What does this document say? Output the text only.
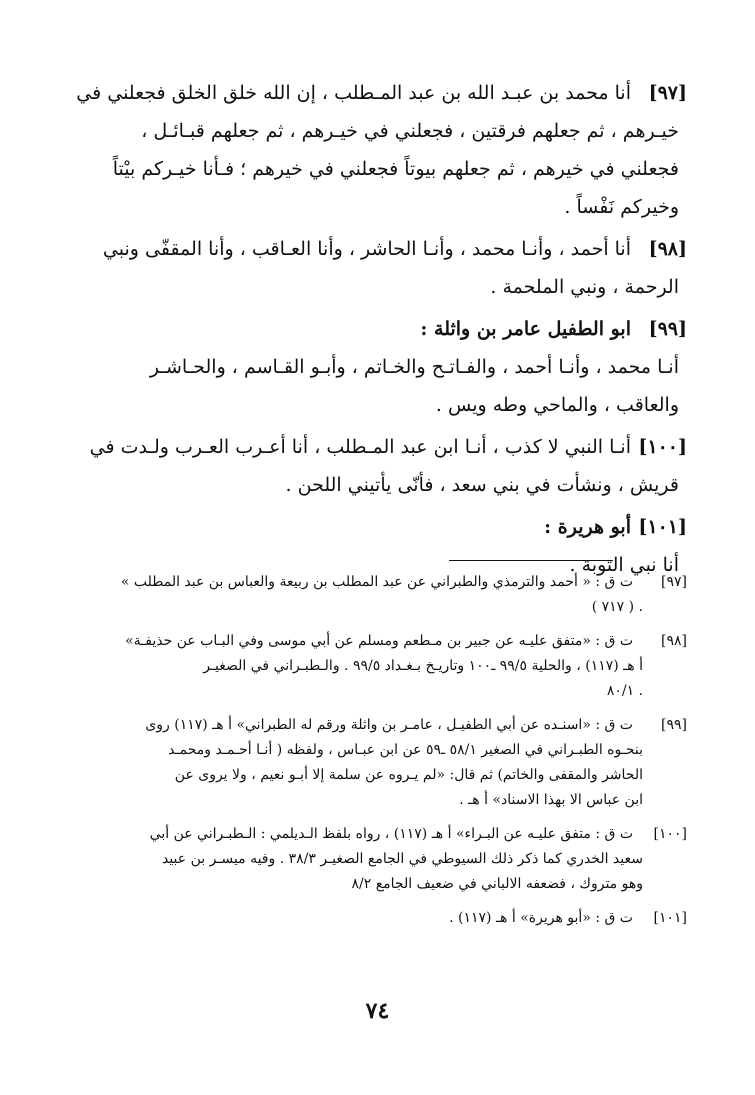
[٩٧]
أنا محمد بن عبـد الله بن عبد المـطلب ، إن الله خلق الخلق فجعلني في
خيـرهم ، ثم جعلهم فرقتين ، فجعلني في خيـرهم ، ثم جعلهم قبـائـل ،
فجعلني في خيرهم ، ثم جعلهم بيوتاً فجعلني في خيرهم ؛ فـأنا خيـركم بيْتاً
وخيركم نَفْساً .
[٩٨]
أنا أحمد ، وأنـا محمد ، وأنـا الحاشر ، وأنا العـاقب ، وأنا المقفّى ونبي
الرحمة ، ونبي الملحمة .
[٩٩]
ابو الطفيل عامر بن واثلة :
أنـا محمد ، وأنـا أحمد ، والفـاتـح والخـاتم ، وأبـو القـاسم ، والحـاشـر
والعاقب ، والماحي وطه ويس .
[١٠٠]
أنـا النبي لا كذب ، أنـا ابن عبد المـطلب ، أنا أعـرب العـرب ولـدت في
قريش ، ونشأت في بني سعد ، فأنّى يأتيني اللحن .
[١٠١]
أبو هريرة :
أنا نبي التوبة .
[٩٧]
ت ق : « أحمد والترمذي والطبراني عن عبد المطلب بن ربيعة والعباس بن عبد المطلب »
. ( ٧١٧ )
[٩٨]
ت ق : «متفق عليـه عن جبير بن مـطعم ومسلم عن أبي موسى وفي البـاب عن حذيفـة»
أ هـ (١١٧) ، والحلية ٩٩/٥ ـ١٠٠ وتاريـخ بـغـداد ٩٩/٥ . والـطبـراني في الصغيـر
. ٨٠/١
[٩٩]
ت ق : «اسنـده عن أبي الطفيـل ، عامـر بن واثلة ورقم له الطبراني» أ هـ (١١٧) روى
بنحـوه الطبـراني في الصغير ٥٨/١ ـ٥٩ عن ابن عبـاس ، ولفظه ( أنـا أحـمـد ومحمـد
الحاشر والمقفى والخاتم) ثم قال: «لم يـروه عن سلمة إلا أبـو نعيم ، ولا يروى عن
ابن عباس الا بهذا الاسناد» أ هـ .
[١٠٠]
ت ق : متفق عليـه عن البـراء» أ هـ (١١٧) ، رواه بلفظ الـديلمي : الـطبـراني عن أبي
سعيد الخدري كما ذكر ذلك السيوطي في الجامع الصغيـر ٣٨/٣ . وفيه ميسـر بن عبيد
وهو متروك ، فضعفه الالباني في ضعيف الجامع ٨/٢
[١٠١]
ت ق : «أبو هريرة» أ هـ (١١٧) .
٧٤
